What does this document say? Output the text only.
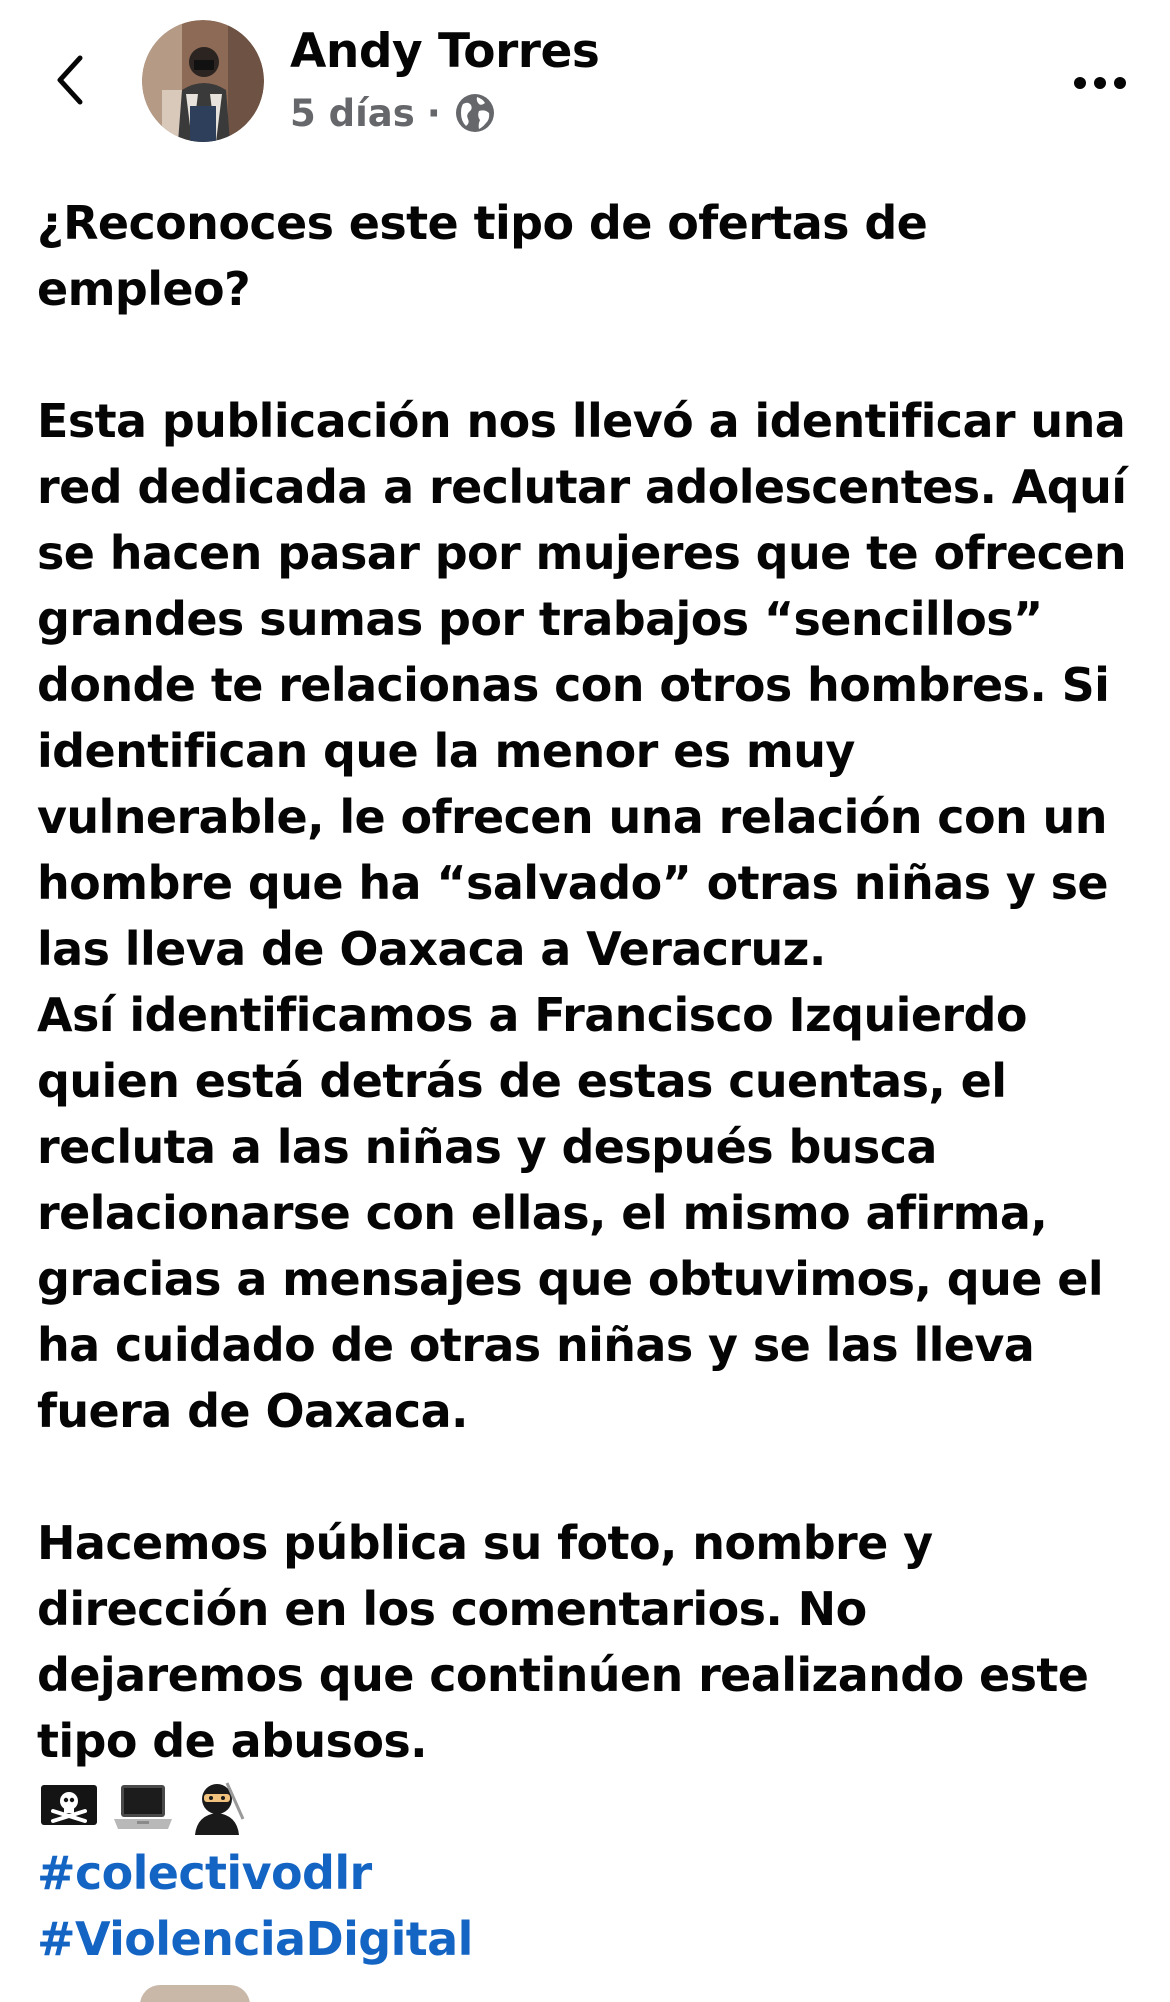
Andy Torres
5 días ·

¿Reconoces este tipo de ofertas de empleo?

Esta publicación nos llevó a identificar una red dedicada a reclutar adolescentes. Aquí se hacen pasar por mujeres que te ofrecen grandes sumas por trabajos “sencillos” donde te relacionas con otros hombres. Si identifican que la menor es muy vulnerable, le ofrecen una relación con un hombre que ha “salvado” otras niñas y se las lleva de Oaxaca a Veracruz.

Así identificamos a Francisco Izquierdo quien está detrás de estas cuentas, el recluta a las niñas y después busca relacionarse con ellas, el mismo afirma, gracias a mensajes que obtuvimos, que el ha cuidado de otras niñas y se las lleva fuera de Oaxaca.

Hacemos pública su foto, nombre y dirección en los comentarios. No dejaremos que continúen realizando este tipo de abusos.

#colectivodlr
#ViolenciaDigital
